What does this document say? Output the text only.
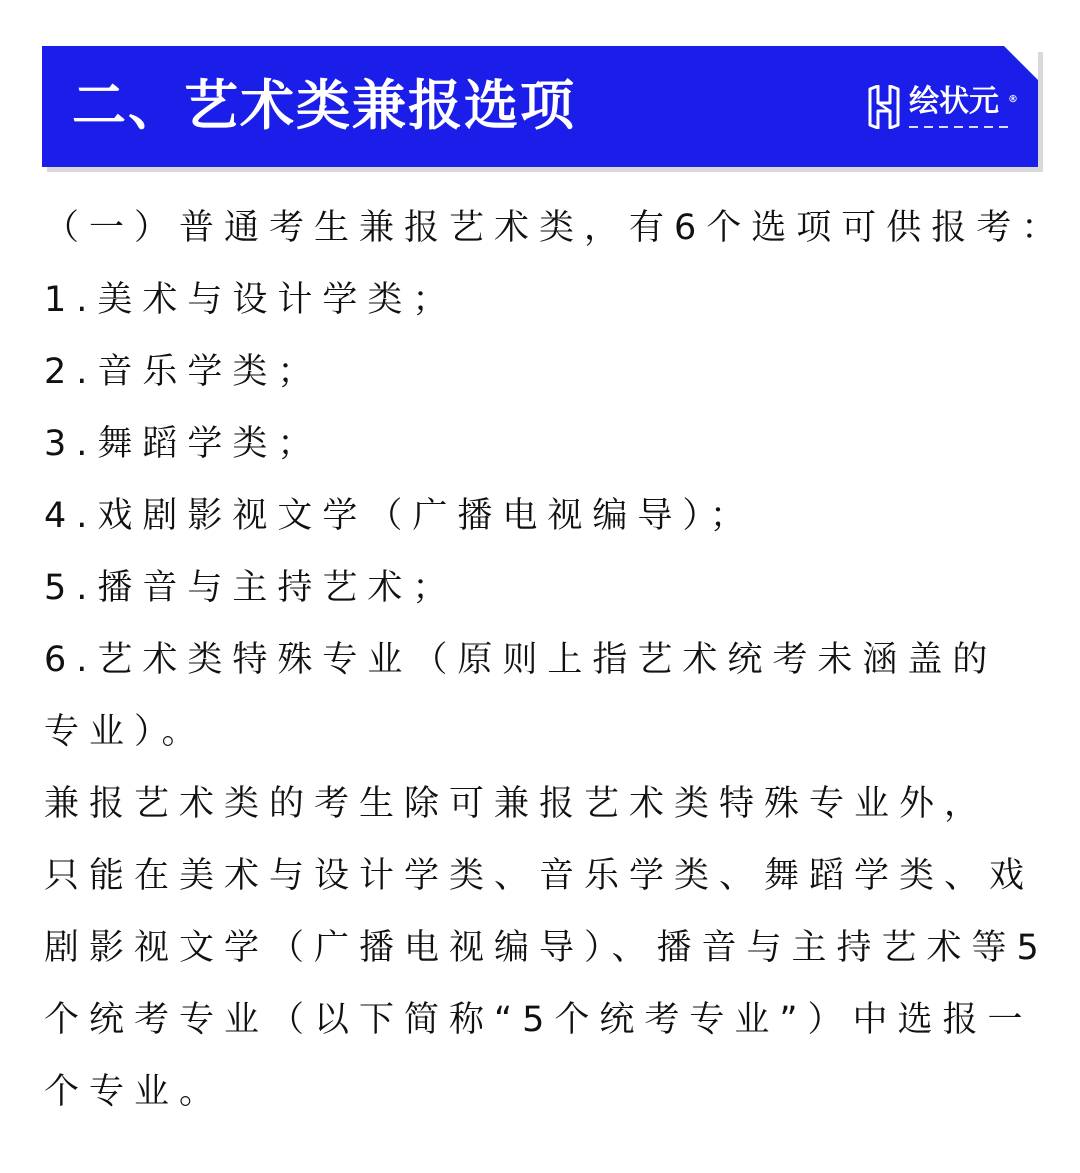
二、艺术类兼报选项	绘状元 ®

（一）普通考生兼报艺术类，有6个选项可供报考：

1.美术与设计学类；

2.音乐学类；

3.舞蹈学类；

4.戏剧影视文学（广播电视编导）；

5.播音与主持艺术；

6.艺术类特殊专业（原则上指艺术统考未涵盖的

专业）。

兼报艺术类的考生除可兼报艺术类特殊专业外，

只能在美术与设计学类、音乐学类、舞蹈学类、戏

剧影视文学（广播电视编导）、播音与主持艺术等5

个统考专业（以下简称“5个统考专业”）中选报一

个专业。
